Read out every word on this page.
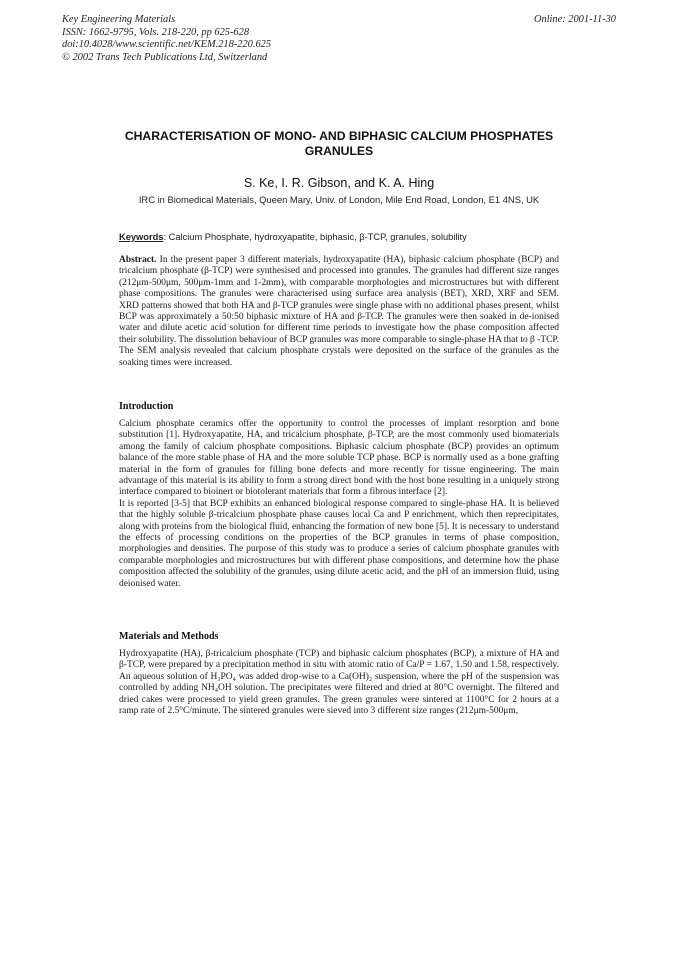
Key Engineering Materials
ISSN: 1662-9795, Vols. 218-220, pp 625-628
doi:10.4028/www.scientific.net/KEM.218-220.625
© 2002 Trans Tech Publications Ltd, Switzerland
Online: 2001-11-30
CHARACTERISATION OF MONO- AND BIPHASIC CALCIUM PHOSPHATES GRANULES
S. Ke, I. R. Gibson, and K. A. Hing
IRC in Biomedical Materials, Queen Mary, Univ. of London, Mile End Road, London, E1 4NS, UK
Keywords: Calcium Phosphate, hydroxyapatite, biphasic, β-TCP, granules, solubility

Abstract. In the present paper 3 different materials, hydroxyapatite (HA), biphasic calcium phosphate (BCP) and tricalcium phosphate (β-TCP) were synthesised and processed into granules. The granules had different size ranges (212μm-500μm, 500μm-1mm and 1-2mm), with comparable morphologies and microstructures but with different phase compositions. The granules were characterised using surface area analysis (BET), XRD, XRF and SEM. XRD patterns showed that both HA and β-TCP granules were single phase with no additional phases present, whilst BCP was approximately a 50:50 biphasic mixture of HA and β-TCP. The granules were then soaked in de-ionised water and dilute acetic acid solution for different time periods to investigate how the phase composition affected their solubility. The dissolution behaviour of BCP granules was more comparable to single-phase HA that to β -TCP. The SEM analysis revealed that calcium phosphate crystals were deposited on the surface of the granules as the soaking times were increased.

Introduction

Calcium phosphate ceramics offer the opportunity to control the processes of implant resorption and bone substitution [1]. Hydroxyapatite, HA, and tricalcium phosphate, β-TCP, are the most commonly used biomaterials among the family of calcium phosphate compositions. Biphasic calcium phosphate (BCP) provides an optimum balance of the more stable phase of HA and the more soluble TCP phase. BCP is normally used as a bone grafting material in the form of granules for filling bone defects and more recently for tissue engineering. The main advantage of this material is its ability to form a strong direct bond with the host bone resulting in a uniquely strong interface compared to bioinert or biotolerant materials that form a fibrous interface [2].

It is reported [3-5] that BCP exhibits an enhanced biological response compared to single-phase HA. It is believed that the highly soluble β-tricalcium phosphate phase causes local Ca and P enrichment, which then reprecipitates, along with proteins from the biological fluid, enhancing the formation of new bone [5]. It is necessary to understand the effects of processing conditions on the properties of the BCP granules in terms of phase composition, morphologies and densities. The purpose of this study was to produce a series of calcium phosphate granules with comparable morphologies and microstructures but with different phase compositions, and determine how the phase composition affected the solubility of the granules, using dilute acetic acid, and the pH of an immersion fluid, using deionised water.

Materials and Methods

Hydroxyapatite (HA), β-tricalcium phosphate (TCP) and biphasic calcium phosphates (BCP), a mixture of HA and β-TCP, were prepared by a precipitation method in situ with atomic ratio of Ca/P = 1.67, 1.50 and 1.58, respectively. An aqueous solution of H₃PO₄ was added drop-wise to a Ca(OH)₂ suspension, where the pH of the suspension was controlled by adding NH₄OH solution. The precipitates were filtered and dried at 80°C overnight. The filtered and dried cakes were processed to yield green granules. The green granules were sintered at 1100°C for 2 hours at a ramp rate of 2.5°C/minute. The sintered granules were sieved into 3 different size ranges (212μm-500μm,
